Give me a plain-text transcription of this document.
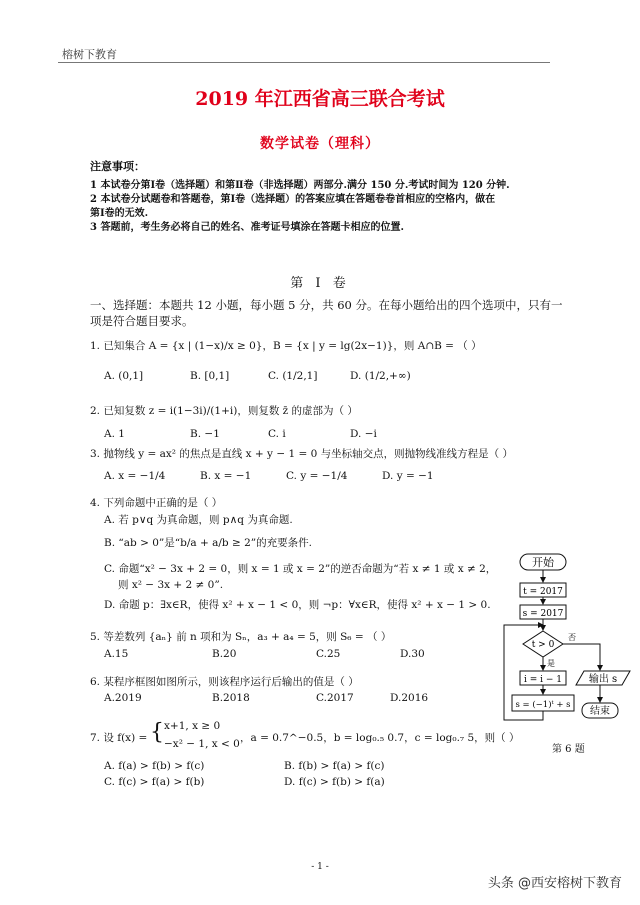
榕树下教育
2019 年江西省高三联合考试
数学试卷（理科）
注意事项：
1 本试卷分第Ⅰ卷（选择题）和第Ⅱ卷（非选择题）两部分.满分 150 分.考试时间为 120 分钟.
2 本试卷分试题卷和答题卷，第Ⅰ卷（选择题）的答案应填在答题卷卷首相应的空格内，做在
第Ⅰ卷的无效.
3 答题前，考生务必将自己的姓名、准考证号填涂在答题卡相应的位置.
第 Ⅰ 卷
一、选择题：本题共 12 小题，每小题 5 分，共 60 分。在每小题给出的四个选项中，只有一
项是符合题目要求。
1. 已知集合 A = {x | (1−x)/x ≥ 0}，B = {x | y = lg(2x−1)}，则 A∩B = （ ）
A. (0,1]	B. [0,1]	C. (1/2,1]	D. (1/2,+∞)
2. 已知复数 z = i(1−3i)/(1+i)，则复数 z̄ 的虚部为（ ）
A. 1	B. −1	C. i	D. −i
3. 抛物线 y = ax² 的焦点是直线 x + y − 1 = 0 与坐标轴交点，则抛物线准线方程是（ ）
A. x = −1/4	B. x = −1	C. y = −1/4	D. y = −1
4. 下列命题中正确的是（ ）
A. 若 p∨q 为真命题，则 p∧q 为真命题.
B. “ab > 0”是“b/a + a/b ≥ 2”的充要条件.
C. 命题“x² − 3x + 2 = 0，则 x = 1 或 x = 2”的逆否命题为“若 x ≠ 1 或 x ≠ 2，
则 x² − 3x + 2 ≠ 0”.
D. 命题 p：∃x∈R，使得 x² + x − 1 < 0，则 ¬p：∀x∈R，使得 x² + x − 1 > 0.
5. 等差数列 {aₙ} 前 n 项和为 Sₙ，a₃ + a₄ = 5，则 S₆ = （ ）
A.15	B.20	C.25	D.30
6. 某程序框图如图所示，则该程序运行后输出的值是（ ）
A.2019	B.2018	C.2017	D.2016
7. 设 f(x) = { x+1, x ≥ 0
−x² − 1, x < 0 ，a = 0.7^−0.5，b = log₀.₅ 0.7，c = log₀.₇ 5，则（ ）
A. f(a) > f(b) > f(c)	B. f(b) > f(a) > f(c)
C. f(c) > f(a) > f(b)	D. f(c) > f(b) > f(a)
开始
t = 2017
s = 2017
t > 0
否
输出 s
结束
是
i = i − 1
s = (−1)ᵗ + s
第 6 题
- 1 -
头条 @西安榕树下教育
